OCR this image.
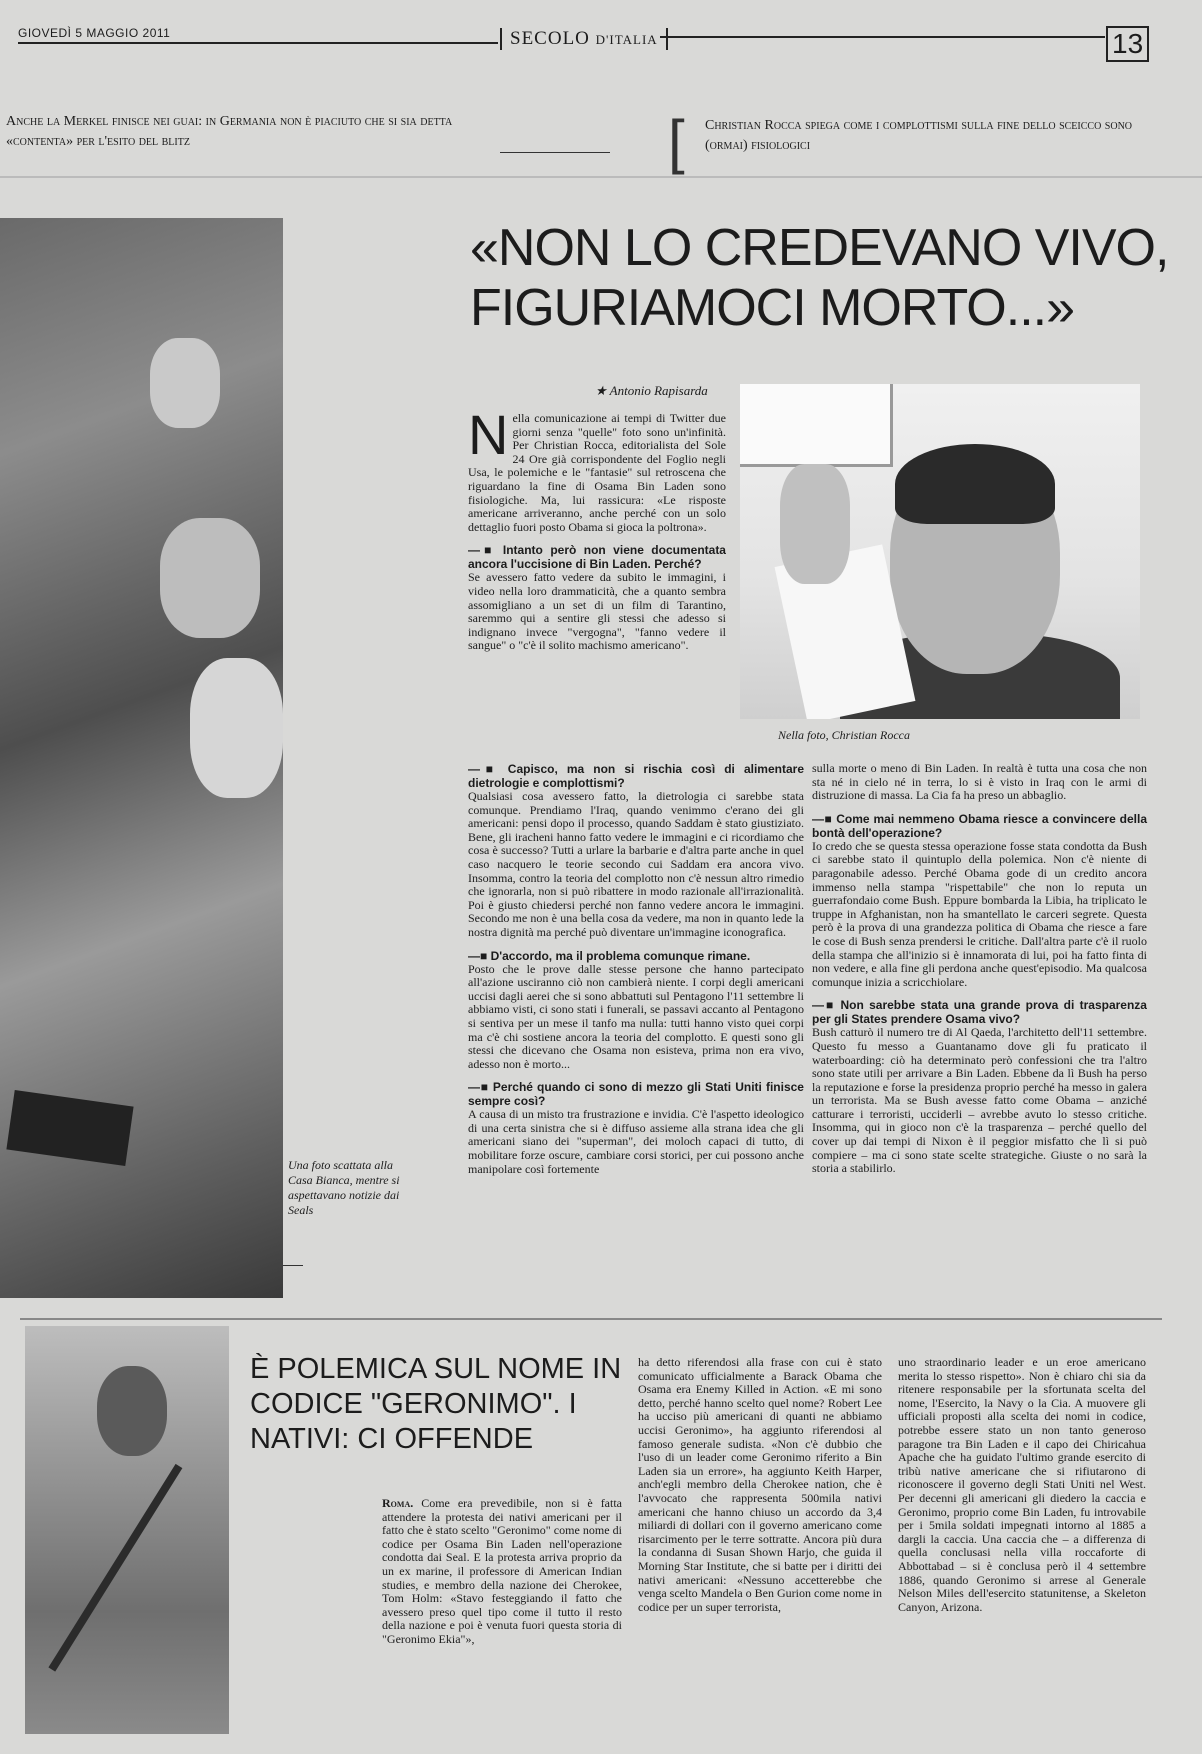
GIOVEDÌ 5 MAGGIO 2011	SECOLO D'ITALIA	13
Anche la Merkel finisce nei guai: in Germania non è piaciuto che si sia detta «contenta» per l'esito del blitz	[ Christian Rocca spiega come i complottismi sulla fine dello sceicco sono (ormai) fisiologici
Una foto scattata alla Casa Bianca, mentre si aspettavano notizie dai Seals
«NON LO CREDEVANO VIVO, FIGURIAMOCI MORTO...»
★ Antonio Rapisarda
Nella foto, Christian Rocca

Nella comunicazione ai tempi di Twitter due giorni senza "quelle" foto sono un'infinità. Per Christian Rocca, editorialista del Sole 24 Ore già corrispondente del Foglio negli Usa, le polemiche e le "fantasie" sul retroscena che riguardano la fine di Osama Bin Laden sono fisiologiche. Ma, lui rassicura: «Le risposte americane arriveranno, anche perché con un solo dettaglio fuori posto Obama si gioca la poltrona».

—■ Intanto però non viene documentata ancora l'uccisione di Bin Laden. Perché?

Se avessero fatto vedere da subito le immagini, i video nella loro drammaticità, che a quanto sembra assomigliano a un set di un film di Tarantino, saremmo qui a sentire gli stessi che adesso si indignano invece "vergogna", "fanno vedere il sangue" o "c'è il solito machismo americano".

—■ Capisco, ma non si rischia così di alimentare dietrologie e complottismi?

Qualsiasi cosa avessero fatto, la dietrologia ci sarebbe stata comunque. Prendiamo l'Iraq, quando venimmo c'erano dei gli americani: pensi dopo il processo, quando Saddam è stato giustiziato. Bene, gli iracheni hanno fatto vedere le immagini e ci ricordiamo che cosa è successo? Tutti a urlare la barbarie e d'altra parte anche in quel caso nacquero le teorie secondo cui Saddam era ancora vivo. Insomma, contro la teoria del complotto non c'è nessun altro rimedio che ignorarla, non si può ribattere in modo razionale all'irrazionalità. Poi è giusto chiedersi perché non fanno vedere ancora le immagini. Secondo me non è una bella cosa da vedere, ma non in quanto lede la nostra dignità ma perché può diventare un'immagine iconografica.

—■ D'accordo, ma il problema comunque rimane.

Posto che le prove dalle stesse persone che hanno partecipato all'azione usciranno ciò non cambierà niente. I corpi degli americani uccisi dagli aerei che si sono abbattuti sul Pentagono l'11 settembre li abbiamo visti, ci sono stati i funerali, se passavi accanto al Pentagono si sentiva per un mese il tanfo ma nulla: tutti hanno visto quei corpi ma c'è chi sostiene ancora la teoria del complotto. E questi sono gli stessi che dicevano che Osama non esisteva, prima non era vivo, adesso non è morto...

—■ Perché quando ci sono di mezzo gli Stati Uniti finisce sempre così?

A causa di un misto tra frustrazione e invidia. C'è l'aspetto ideologico di una certa sinistra che si è diffuso assieme alla strana idea che gli americani siano dei "superman", dei moloch capaci di tutto, di mobilitare forze oscure, cambiare corsi storici, per cui possono anche manipolare così fortemente

sulla morte o meno di Bin Laden. In realtà è tutta una cosa che non sta né in cielo né in terra, lo si è visto in Iraq con le armi di distruzione di massa. La Cia fa ha preso un abbaglio.

—■ Come mai nemmeno Obama riesce a convincere della bontà dell'operazione?

Io credo che se questa stessa operazione fosse stata condotta da Bush ci sarebbe stato il quintuplo della polemica. Non c'è niente di paragonabile adesso. Perché Obama gode di un credito ancora immenso nella stampa "rispettabile" che non lo reputa un guerrafondaio come Bush. Eppure bombarda la Libia, ha triplicato le truppe in Afghanistan, non ha smantellato le carceri segrete. Questa però è la prova di una grandezza politica di Obama che riesce a fare le cose di Bush senza prendersi le critiche. Dall'altra parte c'è il ruolo della stampa che all'inizio si è innamorata di lui, poi ha fatto finta di non vedere, e alla fine gli perdona anche quest'episodio. Ma qualcosa comunque inizia a scricchiolare.

—■ Non sarebbe stata una grande prova di trasparenza per gli States prendere Osama vivo?

Bush catturò il numero tre di Al Qaeda, l'architetto dell'11 settembre. Questo fu messo a Guantanamo dove gli fu praticato il waterboarding: ciò ha determinato però confessioni che tra l'altro sono state utili per arrivare a Bin Laden. Ebbene da lì Bush ha perso la reputazione e forse la presidenza proprio perché ha messo in galera un terrorista. Ma se Bush avesse fatto come Obama – anziché catturare i terroristi, ucciderli – avrebbe avuto lo stesso critiche. Insomma, qui in gioco non c'è la trasparenza – perché quello del cover up dai tempi di Nixon è il peggior misfatto che lì si può compiere – ma ci sono state scelte strategiche. Giuste o no sarà la storia a stabilirlo.

È POLEMICA SUL NOME IN CODICE "GERONIMO". I NATIVI: CI OFFENDE

Roma. Come era prevedibile, non si è fatta attendere la protesta dei nativi americani per il fatto che è stato scelto "Geronimo" come nome di codice per Osama Bin Laden nell'operazione condotta dai Seal. E la protesta arriva proprio da un ex marine, il professore di American Indian studies, e membro della nazione dei Cherokee, Tom Holm: «Stavo festeggiando il fatto che avessero preso quel tipo come il tutto il resto della nazione e poi è venuta fuori questa storia di "Geronimo Ekia"»,

ha detto riferendosi alla frase con cui è stato comunicato ufficialmente a Barack Obama che Osama era Enemy Killed in Action. «E mi sono detto, perché hanno scelto quel nome? Robert Lee ha ucciso più americani di quanti ne abbiamo uccisi Geronimo», ha aggiunto riferendosi al famoso generale sudista. «Non c'è dubbio che l'uso di un leader come Geronimo riferito a Bin Laden sia un errore», ha aggiunto Keith Harper, anch'egli membro della Cherokee nation, che è l'avvocato che rappresenta 500mila nativi americani che hanno chiuso un accordo da 3,4 miliardi di dollari con il governo americano come risarcimento per le terre sottratte. Ancora più dura la condanna di Susan Shown Harjo, che guida il Morning Star Institute, che si batte per i diritti dei nativi americani: «Nessuno accetterebbe che venga scelto Mandela o Ben Gurion come nome in codice per un super terrorista,

uno straordinario leader e un eroe americano merita lo stesso rispetto». Non è chiaro chi sia da ritenere responsabile per la sfortunata scelta del nome, l'Esercito, la Navy o la Cia. A muovere gli ufficiali proposti alla scelta dei nomi in codice, potrebbe essere stato un non tanto generoso paragone tra Bin Laden e il capo dei Chiricahua Apache che ha guidato l'ultimo grande esercito di tribù native americane che si rifiutarono di riconoscere il governo degli Stati Uniti nel West. Per decenni gli americani gli diedero la caccia e Geronimo, proprio come Bin Laden, fu introvabile per i 5mila soldati impegnati intorno al 1885 a dargli la caccia. Una caccia che – a differenza di quella conclusasi nella villa roccaforte di Abbottabad – si è conclusa però il 4 settembre 1886, quando Geronimo si arrese al Generale Nelson Miles dell'esercito statunitense, a Skeleton Canyon, Arizona.
